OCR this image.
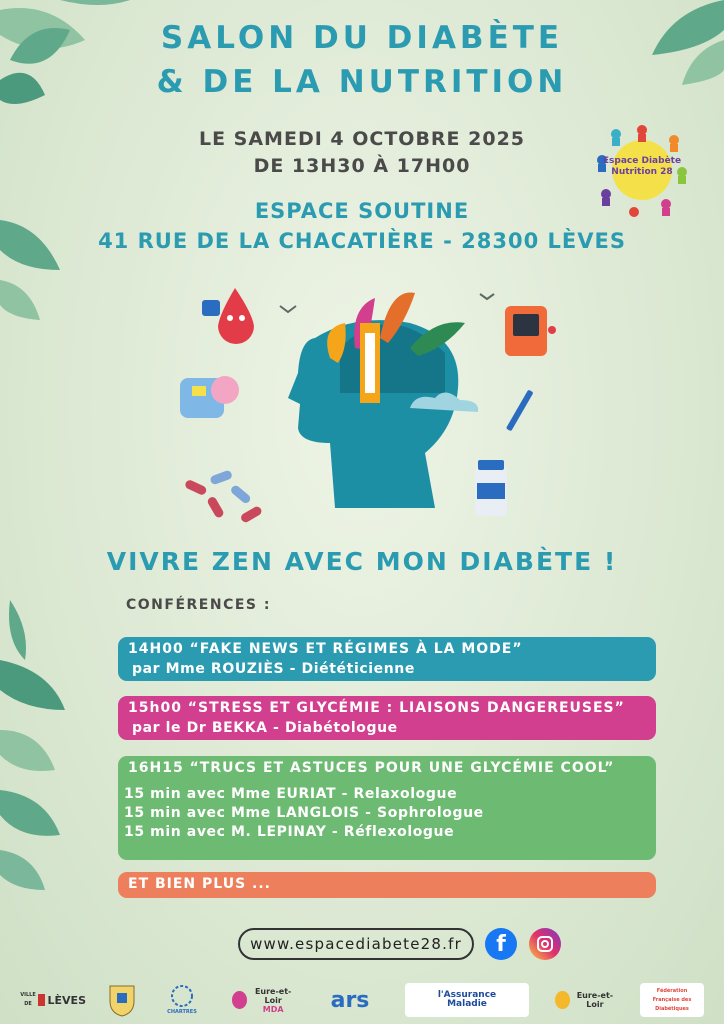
SALON DU DIABÈTE
& DE LA NUTRITION
LE SAMEDI 4 OCTOBRE 2025
DE 13H30 À 17H00
ESPACE SOUTINE
41 RUE DE LA CHACATIÈRE - 28300 LÈVES
Espace Diabète
Nutrition 28
VIVRE ZEN AVEC MON DIABÈTE !
CONFÉRENCES :
14H00 “FAKE NEWS ET RÉGIMES À LA MODE”
par Mme ROUZIÈS - Diététicienne
15h00 “STRESS ET GLYCÉMIE : LIAISONS DANGEREUSES”
par le Dr BEKKA - Diabétologue
16H15 “TRUCS ET ASTUCES POUR UNE GLYCÉMIE COOL”
15 min avec Mme EURIAT - Relaxologue
15 min avec Mme LANGLOIS - Sophrologue
15 min avec M. LEPINAY - Réflexologue
ET BIEN PLUS ...
www.espacediabete28.fr	f
VILLE DE	LÈVES
CHARTRES
Eure-et-Loir
MDA	ars	l'Assurance
Maladie
Eure-et-Loir
Fédération Française des Diabétiques
